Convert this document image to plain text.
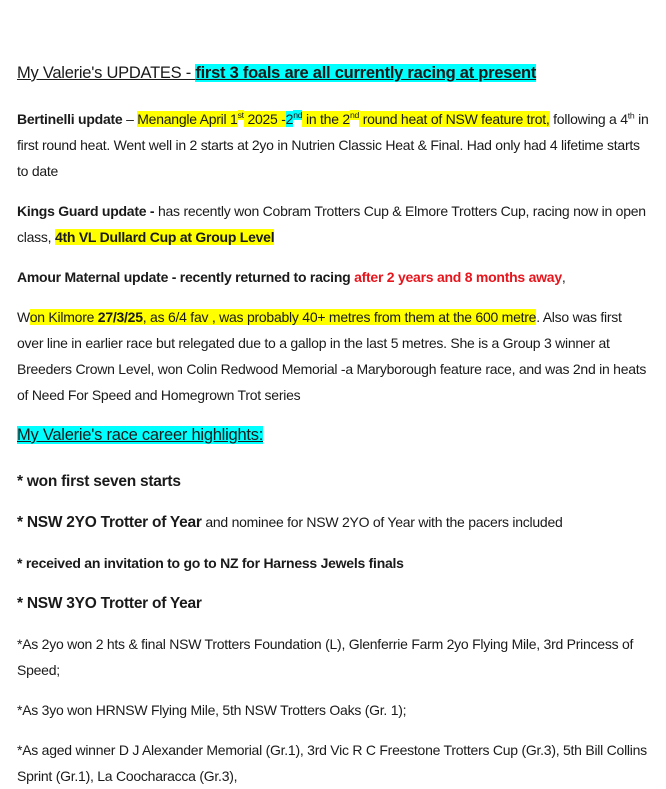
My Valerie's UPDATES - first 3 foals are all currently racing at present

Bertinelli update – Menangle April 1st 2025 -2nd in the 2nd round heat of NSW feature trot, following a 4th in first round heat. Went well in 2 starts at 2yo in Nutrien Classic Heat & Final. Had only had 4 lifetime starts to date

Kings Guard update - has recently won Cobram Trotters Cup & Elmore Trotters Cup, racing now in open class, 4th VL Dullard Cup at Group Level

Amour Maternal update - recently returned to racing after 2 years and 8 months away,

Won Kilmore 27/3/25, as 6/4 fav , was probably 40+ metres from them at the 600 metre. Also was first over line in earlier race but relegated due to a gallop in the last 5 metres. She is a Group 3 winner at Breeders Crown Level, won Colin Redwood Memorial -a Maryborough feature race, and was 2nd in heats of Need For Speed and Homegrown Trot series

My Valerie's race career highlights:

* won first seven starts

* NSW 2YO Trotter of Year and nominee for NSW 2YO of Year with the pacers included

* received an invitation to go to NZ for Harness Jewels finals

* NSW 3YO Trotter of Year

*As 2yo won 2 hts & final NSW Trotters Foundation (L), Glenferrie Farm 2yo Flying Mile, 3rd Princess of Speed;

*As 3yo won HRNSW Flying Mile, 5th NSW Trotters Oaks (Gr. 1);

*As aged winner D J Alexander Memorial (Gr.1), 3rd Vic R C Freestone Trotters Cup (Gr.3), 5th Bill Collins Sprint (Gr.1), La Coocharacca (Gr.3),
